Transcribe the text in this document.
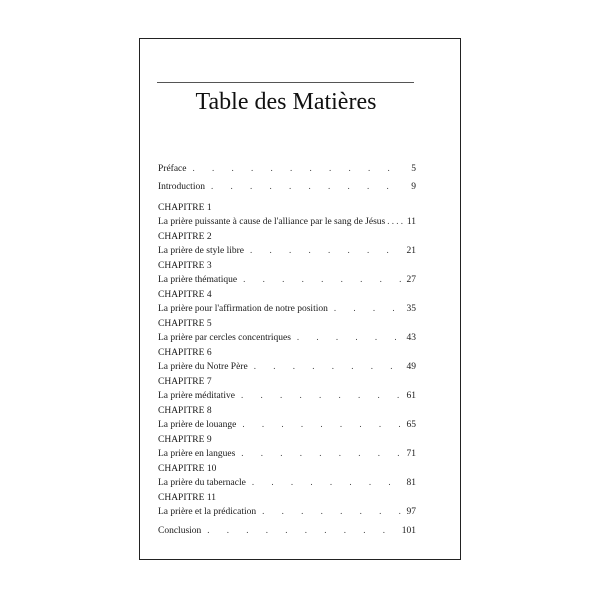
Table des Matières
Préface . . .	5
Introduction . . .	9
CHAPITRE 1
La prière puissante à cause de l'alliance par le sang de Jésus . . . 11
CHAPITRE 2
La prière de style libre . . .	21
CHAPITRE 3
La prière thématique . . .	27
CHAPITRE 4
La prière pour l'affirmation de notre position . . .	35
CHAPITRE 5
La prière par cercles concentriques . . .	43
CHAPITRE 6
La prière du Notre Père . . .	49
CHAPITRE 7
La prière méditative . . .	61
CHAPITRE 8
La prière de louange . . .	65
CHAPITRE 9
La prière en langues . . .	71
CHAPITRE 10
La prière du tabernacle . . .	81
CHAPITRE 11
La prière et la prédication . . .	97
Conclusion . . .	101
